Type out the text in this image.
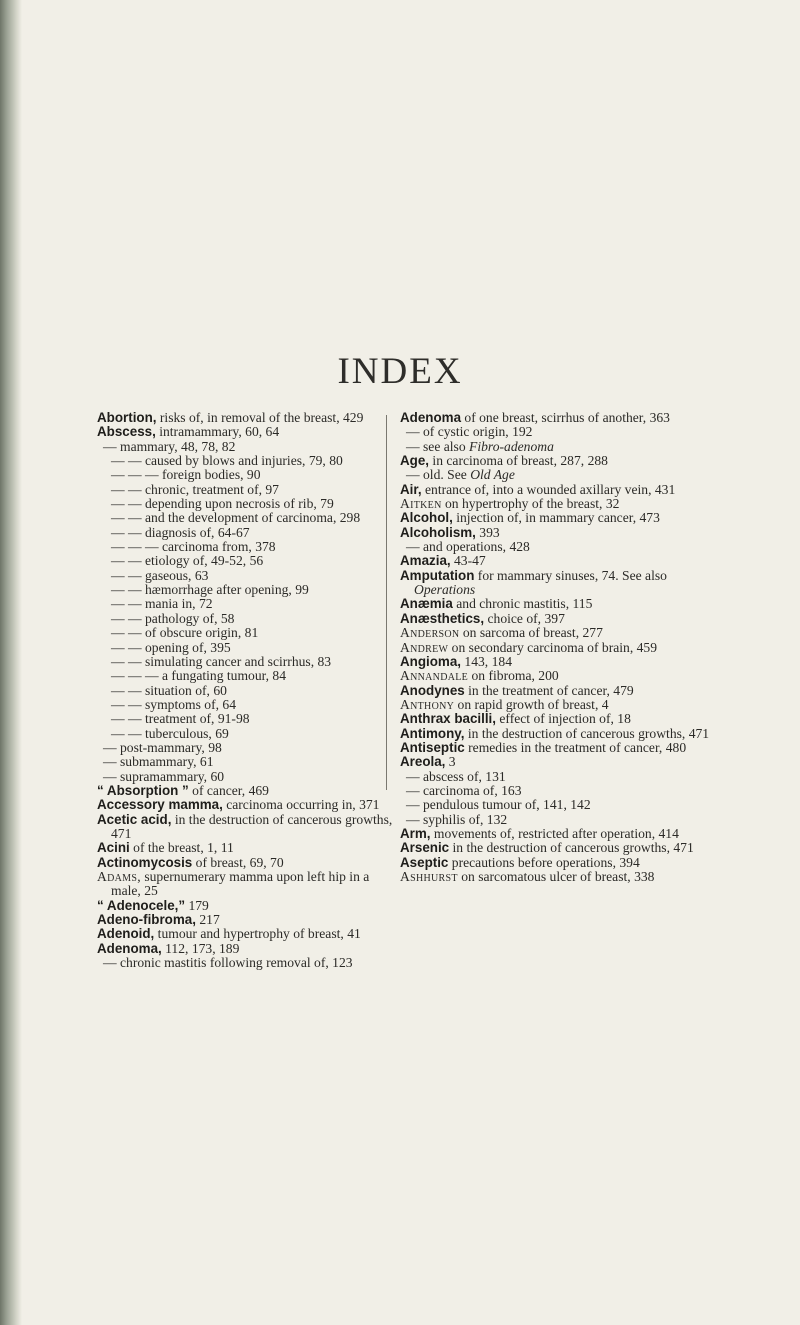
INDEX
Abortion, risks of, in removal of the breast, 429
Abscess, intramammary, 60, 64
— mammary, 48, 78, 82
— — caused by blows and injuries, 79, 80
— — — foreign bodies, 90
— — chronic, treatment of, 97
— — depending upon necrosis of rib, 79
— — and the development of carcinoma, 298
— — diagnosis of, 64-67
— — — carcinoma from, 378
— — etiology of, 49-52, 56
— — gaseous, 63
— — hæmorrhage after opening, 99
— — mania in, 72
— — pathology of, 58
— — of obscure origin, 81
— — opening of, 395
— — simulating cancer and scirrhus, 83
— — — a fungating tumour, 84
— — situation of, 60
— — symptoms of, 64
— — treatment of, 91-98
— — tuberculous, 69
— post-mammary, 98
— submammary, 61
— supramammary, 60
“ Absorption ” of cancer, 469
Accessory mamma, carcinoma occurring in, 371
Acetic acid, in the destruction of cancerous growths, 471
Acini of the breast, 1, 11
Actinomycosis of breast, 69, 70
Adams, supernumerary mamma upon left hip in a male, 25
“ Adenocele,” 179
Adeno-fibroma, 217
Adenoid, tumour and hypertrophy of breast, 41
Adenoma, 112, 173, 189
— chronic mastitis following removal of, 123
Adenoma of one breast, scirrhus of another, 363
— of cystic origin, 192
— see also Fibro-adenoma
Age, in carcinoma of breast, 287, 288
— old. See Old Age
Air, entrance of, into a wounded axillary vein, 431
Aitken on hypertrophy of the breast, 32
Alcohol, injection of, in mammary cancer, 473
Alcoholism, 393
— and operations, 428
Amazia, 43-47
Amputation for mammary sinuses, 74. See also Operations
Anæmia and chronic mastitis, 115
Anæsthetics, choice of, 397
Anderson on sarcoma of breast, 277
Andrew on secondary carcinoma of brain, 459
Angioma, 143, 184
Annandale on fibroma, 200
Anodynes in the treatment of cancer, 479
Anthony on rapid growth of breast, 4
Anthrax bacilli, effect of injection of, 18
Antimony, in the destruction of cancerous growths, 471
Antiseptic remedies in the treatment of cancer, 480
Areola, 3
— abscess of, 131
— carcinoma of, 163
— pendulous tumour of, 141, 142
— syphilis of, 132
Arm, movements of, restricted after operation, 414
Arsenic in the destruction of cancerous growths, 471
Aseptic precautions before operations, 394
Ashhurst on sarcomatous ulcer of breast, 338
